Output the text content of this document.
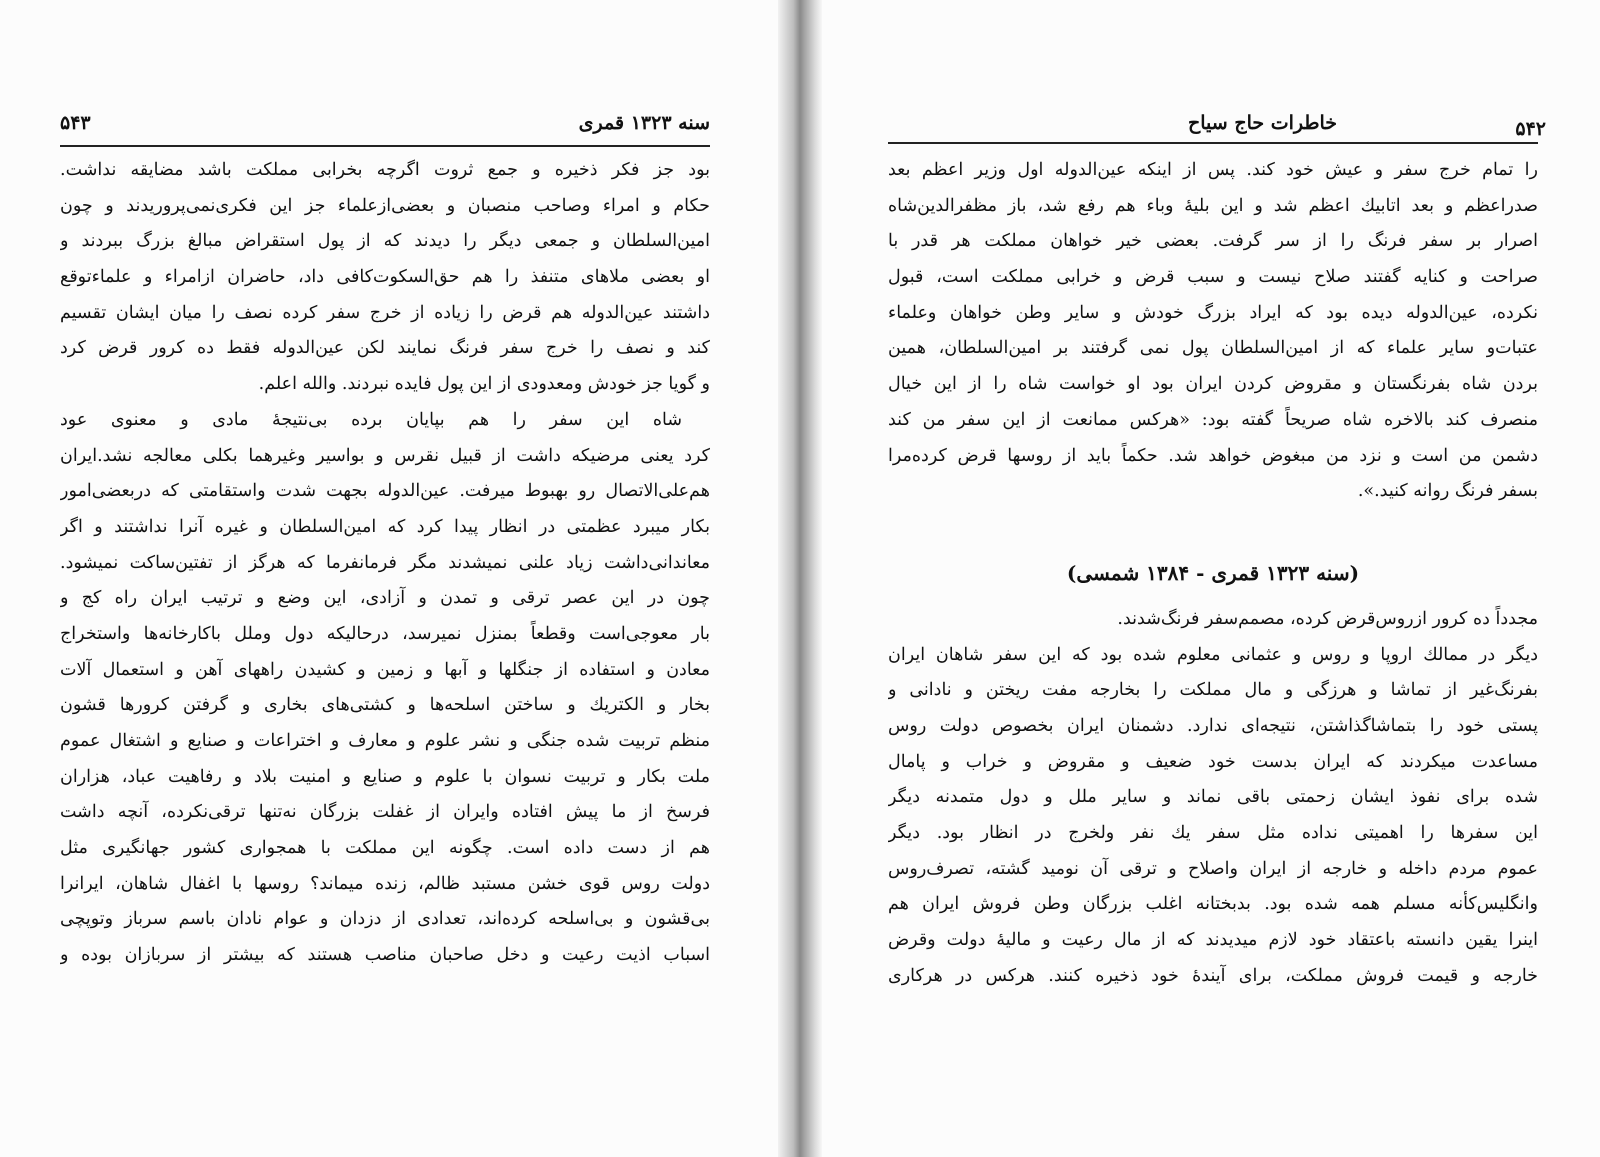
سنه ۱۳۲۳ قمری
۵۴۳
بود جز فکر ذخیره و جمع ثروت اگرچه بخرابی مملکت باشد مضایقه نداشت.
حکام و امراء وصاحب منصبان و بعضی‌ازعلماء جز این فکری‌نمی‌پروریدند و چون
امین‌السلطان و جمعی دیگر را دیدند که از پول استقراض مبالغ بزرگ ببردند و
او بعضی ملاهای متنفذ را هم حق‌السکوت‌کافی داد، حاضران ازامراء و علماءتوقع
داشتند عین‌الدوله هم قرض را زیاده از خرج سفر کرده نصف را میان ایشان تقسیم
کند و نصف را خرج سفر فرنگ نمایند لکن عین‌الدوله فقط ده کرور قرض کرد
و گویا جز خودش ومعدودی از این پول فایده نبردند. والله اعلم.
شاه این سفر را هم بپایان برده بی‌نتیجهٔ مادی و معنوی عود
کرد یعنی مرضیکه داشت از قبیل نقرس و بواسیر وغیرهما بکلی معالجه نشد.ایران
هم‌علی‌الاتصال رو بهبوط میرفت. عین‌الدوله بجهت شدت واستقامتی که دربعضی‌امور
بکار میبرد عظمتی در انظار پیدا کرد که امین‌السلطان و غیره آنرا نداشتند و اگر
معاندانی‌داشت زیاد علنی نمیشدند مگر فرمانفرما که هرگز از تفتین‌ساکت نمیشود.
چون در این عصر ترقی و تمدن و آزادی، این وضع و ترتیب ایران راه کج و
بار معوجی‌است وقطعاً بمنزل نمیرسد، درحالیکه دول وملل باکارخانه‌ها واستخراج
معادن و استفاده از جنگلها و آبها و زمین و کشیدن راههای آهن و استعمال آلات
بخار و الکتریك و ساختن اسلحه‌ها و کشتی‌های بخاری و گرفتن کرورها قشون
منظم تربیت شده جنگی و نشر علوم و معارف و اختراعات و صنایع و اشتغال عموم
ملت بکار و تربیت نسوان با علوم و صنایع و امنیت بلاد و رفاهیت عباد، هزاران
فرسخ از ما پیش افتاده وایران از غفلت بزرگان نه‌تنها ترقی‌نکرده، آنچه داشت
هم از دست داده است. چگونه این مملکت با همجواری کشور جهانگیری مثل
دولت روس قوی خشن مستبد ظالم، زنده میماند؟ روسها با اغفال شاهان، ایرانرا
بی‌قشون و بی‌اسلحه کرده‌اند، تعدادی از دزدان و عوام نادان باسم سرباز وتوپچی
اسباب اذیت رعیت و دخل صاحبان مناصب هستند که بیشتر از سربازان بوده و
خاطرات حاج سیاح	۵۴۲
را تمام خرج سفر و عیش خود کند. پس از اینکه عین‌الدوله اول وزیر اعظم بعد
صدراعظم و بعد اتابیك اعظم شد و این بلیهٔ وباء هم رفع شد، باز مظفرالدین‌شاه
اصرار بر سفر فرنگ را از سر گرفت. بعضی خیر خواهان مملکت هر قدر با
صراحت و کنایه گفتند صلاح نیست و سبب قرض و خرابی مملکت است، قبول
نکرده، عین‌الدوله دیده بود که ایراد بزرگ خودش و سایر وطن خواهان وعلماء
عتبات‌و سایر علماء که از امین‌السلطان پول نمی گرفتند بر امین‌السلطان، همین
بردن شاه بفرنگستان و مقروض کردن ایران بود او خواست شاه را از این خیال
منصرف کند بالاخره شاه صریحاً گفته بود: «هرکس ممانعت از این سفر من کند
دشمن من است و نزد من مبغوض خواهد شد. حکماً باید از روسها قرض کرده‌مرا
بسفر فرنگ روانه کنید.».
(سنه ۱۳۲۳ قمری - ۱۳۸۴ شمسی)
مجدداً ده کرور ازروس‌قرض کرده، مصمم‌سفر فرنگ‌شدند.
دیگر در ممالك اروپا و روس و عثمانی معلوم شده بود که این سفر شاهان ایران
بفرنگ‌غیر از تماشا و هرزگی و مال مملکت را بخارجه مفت ریختن و نادانی و
پستی خود را بتماشاگذاشتن، نتیجه‌ای ندارد. دشمنان ایران بخصوص دولت روس
مساعدت میکردند که ایران بدست خود ضعیف و مقروض و خراب و پامال
شده برای نفوذ ایشان زحمتی باقی نماند و سایر ملل و دول متمدنه دیگر
این سفرها را اهمیتی نداده مثل سفر یك نفر ولخرج در انظار بود. دیگر
عموم مردم داخله و خارجه از ایران واصلاح و ترقی آن نومید گشته، تصرف‌روس
وانگلیس‌کأنه مسلم همه شده بود. بدبختانه اغلب بزرگان وطن فروش ایران هم
اینرا یقین دانسته باعتقاد خود لازم میدیدند که از مال رعیت و مالیهٔ دولت وقرض
خارجه و قیمت فروش مملکت، برای آیندهٔ خود ذخیره کنند. هرکس در هرکاری
